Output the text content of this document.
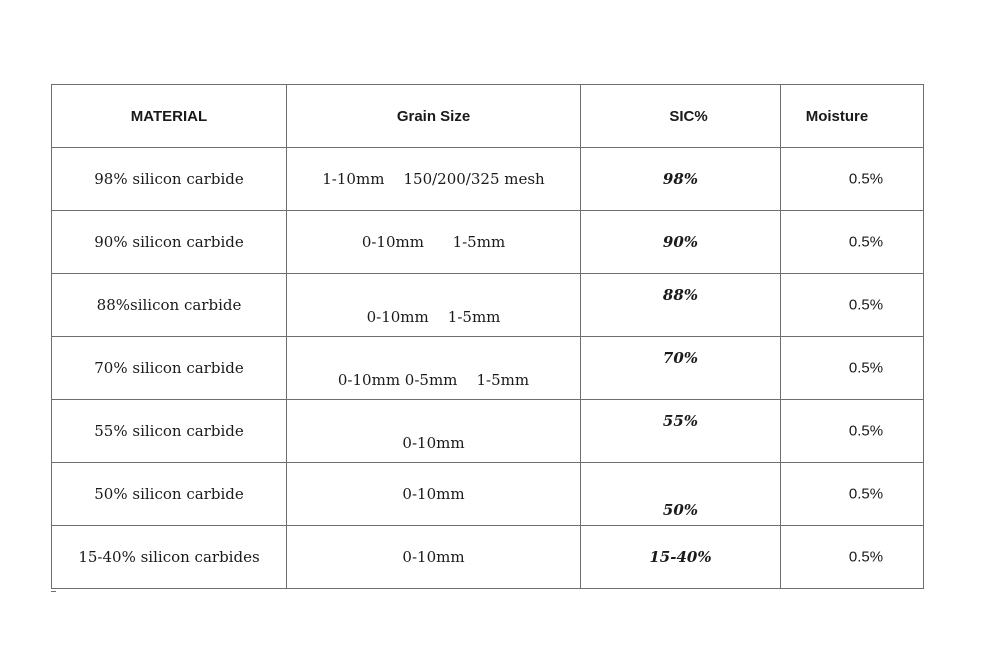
MATERIAL	Grain Size	SIC%	Moisture

98% silicon carbide	1-10mm    150/200/325 mesh	98%	0.5%

90% silicon carbide	0-10mm      1-5mm	90%	0.5%

88%silicon carbide	0-10mm    1-5mm	88%	0.5%

70% silicon carbide	0-10mm 0-5mm    1-5mm	70%	0.5%

55% silicon carbide	0-10mm	55%	0.5%

50% silicon carbide	0-10mm	50%	0.5%

15-40% silicon carbides	0-10mm	15-40%	0.5%
